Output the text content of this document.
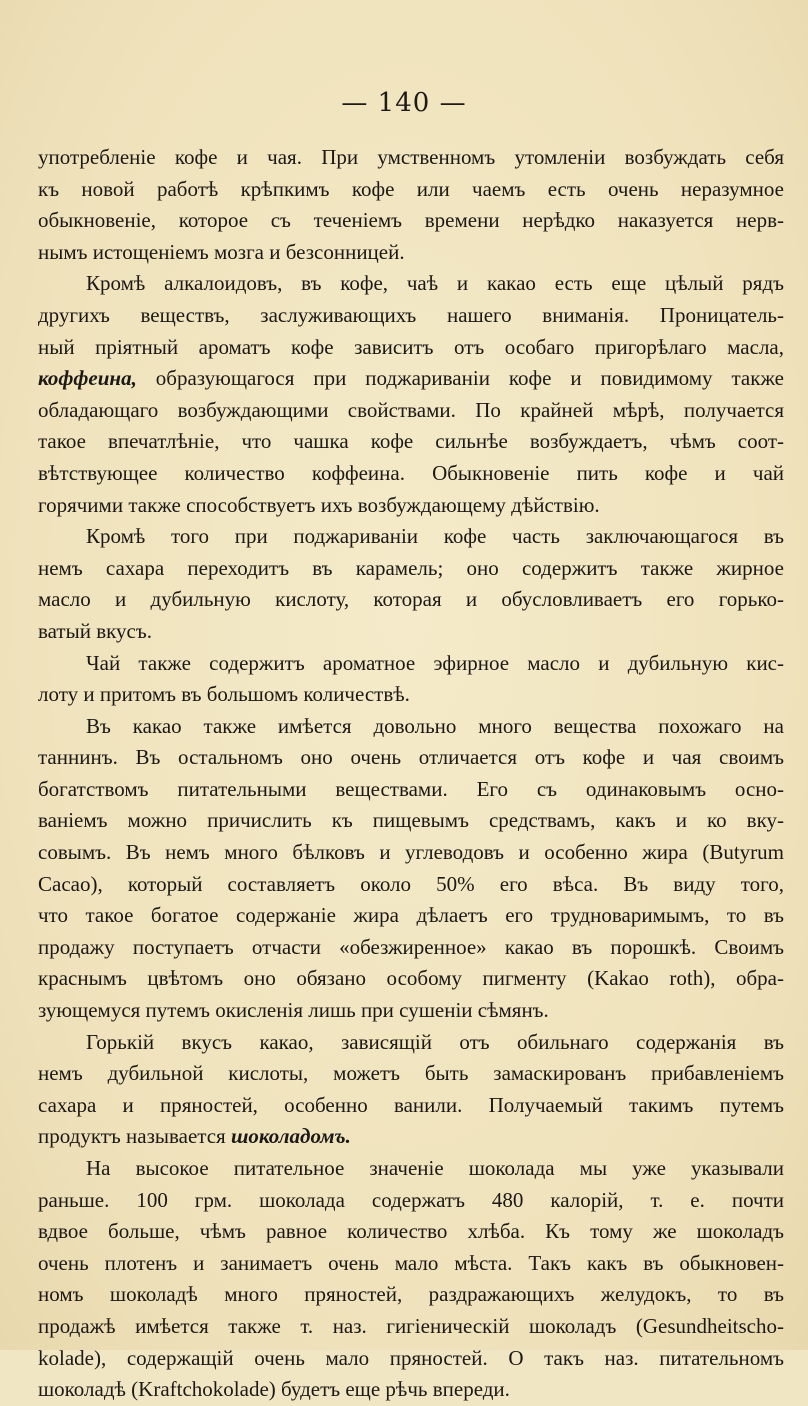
— 140 —
употребленіе кофе и чая. При умственномъ утомленіи возбуждать себя
къ новой работѣ крѣпкимъ кофе или чаемъ есть очень неразумное
обыкновеніе, которое съ теченіемъ времени нерѣдко наказуется нерв-
нымъ истощеніемъ мозга и безсонницей.
Кромѣ алкалоидовъ, въ кофе, чаѣ и какао есть еще цѣлый рядъ
другихъ веществъ, заслуживающихъ нашего вниманія. Проницатель-
ный пріятный ароматъ кофе зависитъ отъ особаго пригорѣлаго масла,
коффеина, образующагося при поджариваніи кофе и повидимому также
обладающаго возбуждающими свойствами. По крайней мѣрѣ, получается
такое впечатлѣніе, что чашка кофе сильнѣе возбуждаетъ, чѣмъ соот-
вѣтствующее количество коффеина. Обыкновеніе пить кофе и чай
горячими также способствуетъ ихъ возбуждающему дѣйствію.
Кромѣ того при поджариваніи кофе часть заключающагося въ
немъ сахара переходитъ въ карамель; оно содержитъ также жирное
масло и дубильную кислоту, которая и обусловливаетъ его горько-
ватый вкусъ.
Чай также содержитъ ароматное эфирное масло и дубильную кис-
лоту и притомъ въ большомъ количествѣ.
Въ какао также имѣется довольно много вещества похожаго на
таннинъ. Въ остальномъ оно очень отличается отъ кофе и чая своимъ
богатствомъ питательными веществами. Его съ одинаковымъ осно-
ваніемъ можно причислить къ пищевымъ средствамъ, какъ и ко вку-
совымъ. Въ немъ много бѣлковъ и углеводовъ и особенно жира (Butyrum
Cacao), который составляетъ около 50% его вѣса. Въ виду того,
что такое богатое содержаніе жира дѣлаетъ его трудноваримымъ, то въ
продажу поступаетъ отчасти «обезжиренное» какао въ порошкѣ. Своимъ
краснымъ цвѣтомъ оно обязано особому пигменту (Kakao roth), обра-
зующемуся путемъ окисленія лишь при сушеніи сѣмянъ.
Горькій вкусъ какао, зависящій отъ обильнаго содержанія въ
немъ дубильной кислоты, можетъ быть замаскированъ прибавленіемъ
сахара и пряностей, особенно ванили. Получаемый такимъ путемъ
продуктъ называется шоколадомъ.
На высокое питательное значеніе шоколада мы уже указывали
раньше. 100 грм. шоколада содержатъ 480 калорій, т. е. почти
вдвое больше, чѣмъ равное количество хлѣба. Къ тому же шоколадъ
очень плотенъ и занимаетъ очень мало мѣста. Такъ какъ въ обыкновен-
номъ шоколадѣ много пряностей, раздражающихъ желудокъ, то въ
продажѣ имѣется также т. наз. гигіеническій шоколадъ (Gesundheitscho-
kolade), содержащій очень мало пряностей. О такъ наз. питательномъ
шоколадѣ (Kraftchokolade) будетъ еще рѣчь впереди.
